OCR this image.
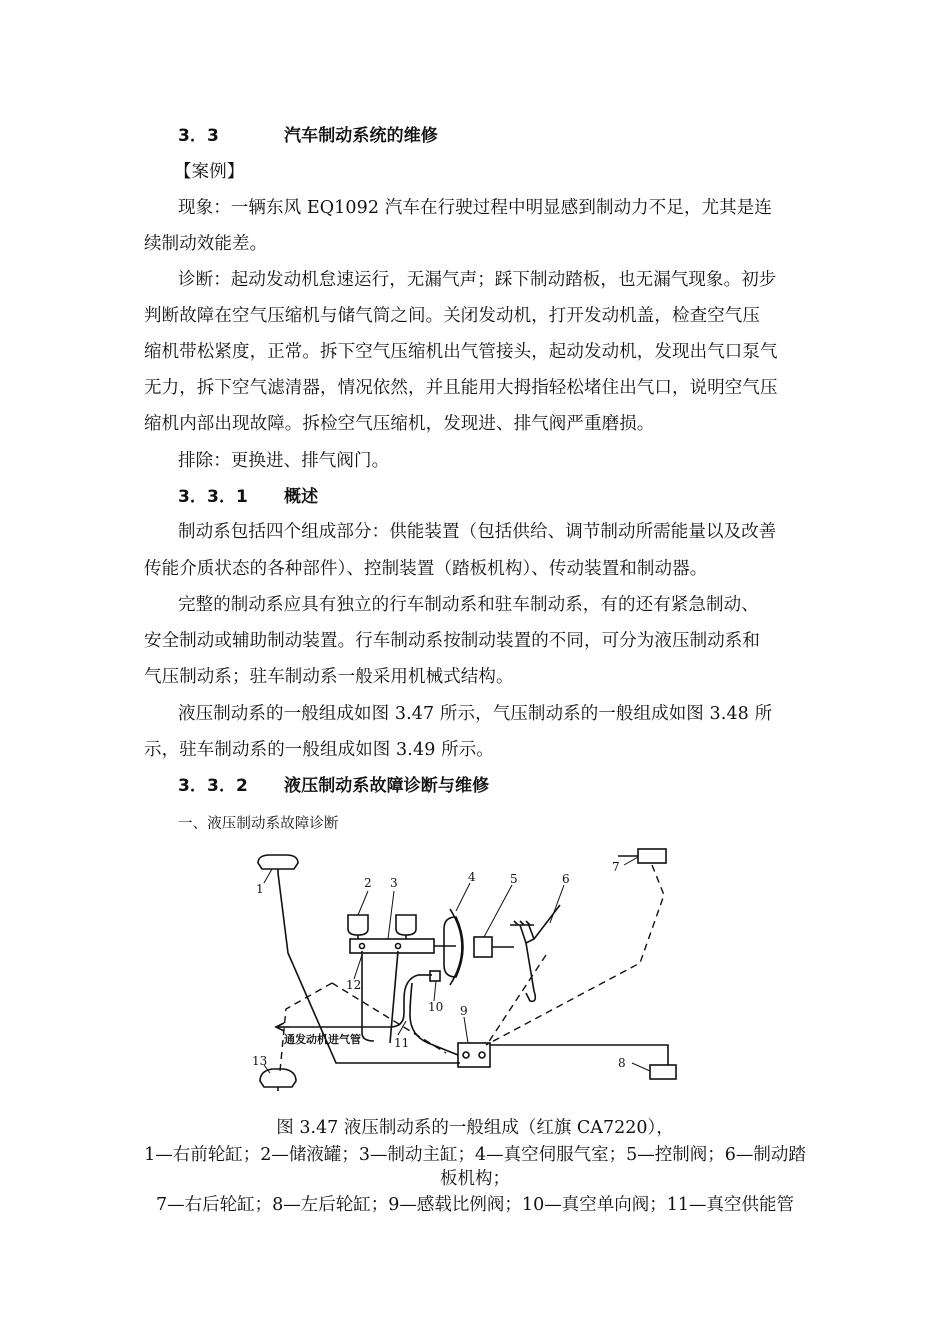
3．3	汽车制动系统的维修
【案例】
现象：一辆东风 EQ1092 汽车在行驶过程中明显感到制动力不足，尤其是连
续制动效能差。
诊断：起动发动机怠速运行，无漏气声；踩下制动踏板，也无漏气现象。初步
判断故障在空气压缩机与储气筒之间。关闭发动机，打开发动机盖，检查空气压
缩机带松紧度，正常。拆下空气压缩机出气管接头，起动发动机，发现出气口泵气
无力，拆下空气滤清器，情况依然，并且能用大拇指轻松堵住出气口，说明空气压
缩机内部出现故障。拆检空气压缩机，发现进、排气阀严重磨损。
排除：更换进、排气阀门。
3．3．1 概述
制动系包括四个组成部分：供能装置（包括供给、调节制动所需能量以及改善
传能介质状态的各种部件）、控制装置（踏板机构）、传动装置和制动器。
完整的制动系应具有独立的行车制动系和驻车制动系，有的还有紧急制动、
安全制动或辅助制动装置。行车制动系按制动装置的不同，可分为液压制动系和
气压制动系；驻车制动系一般采用机械式结构。
液压制动系的一般组成如图 3.47 所示，气压制动系的一般组成如图 3.48 所
示，驻车制动系的一般组成如图 3.49 所示。
3．3．2 液压制动系故障诊断与维修
一、液压制动系故障诊断
1	2 3	4	5	6
7
8
9
10
11
12
13
通发动机进气管
图 3.47 液压制动系的一般组成（红旗 CA7220），
1—右前轮缸；2—储液罐；3—制动主缸；4—真空伺服气室；5—控制阀；6—制动踏
板机构；
7—右后轮缸；8—左后轮缸；9—感载比例阀；10—真空单向阀；11—真空供能管
